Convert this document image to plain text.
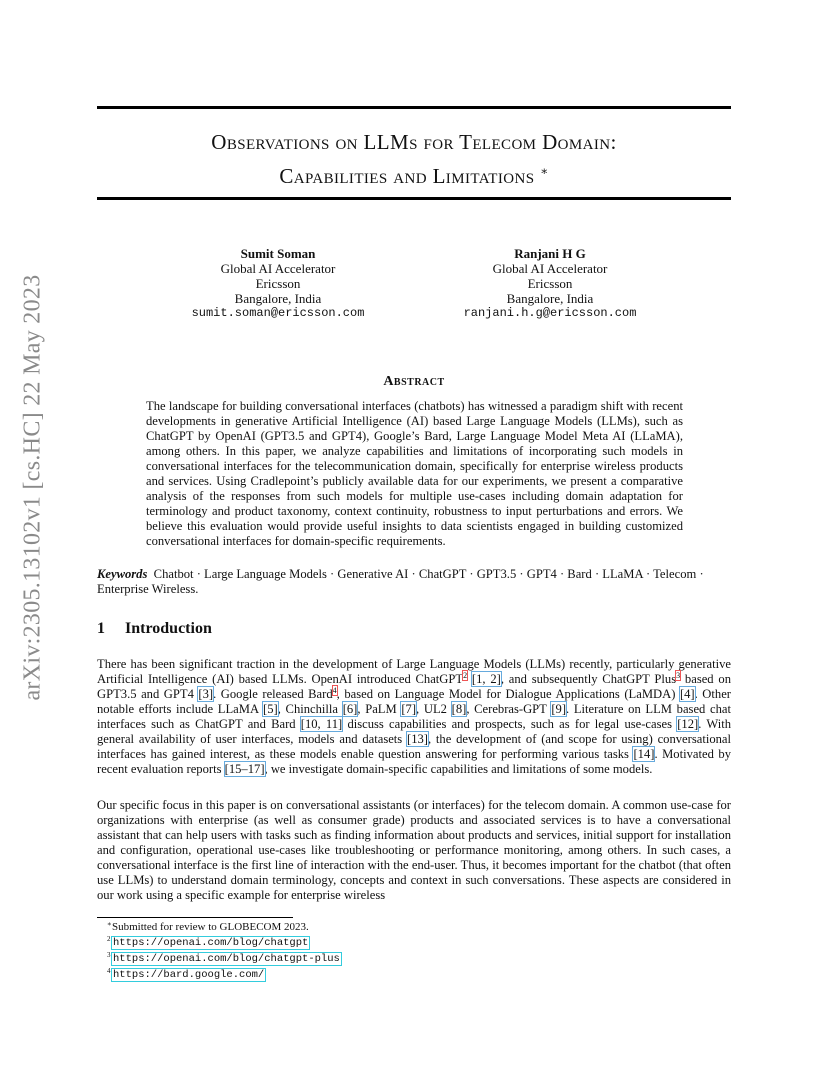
arXiv:2305.13102v1 [cs.HC] 22 May 2023
Observations on LLMs for Telecom Domain:
Capabilities and Limitations ∗
Sumit Soman
Global AI Accelerator
Ericsson
Bangalore, India
sumit.soman@ericsson.com
Ranjani H G
Global AI Accelerator
Ericsson
Bangalore, India
ranjani.h.g@ericsson.com
Abstract
The landscape for building conversational interfaces (chatbots) has witnessed a paradigm shift with recent developments in generative Artificial Intelligence (AI) based Large Language Models (LLMs), such as ChatGPT by OpenAI (GPT3.5 and GPT4), Google’s Bard, Large Language Model Meta AI (LLaMA), among others. In this paper, we analyze capabilities and limitations of incorporating such models in conversational interfaces for the telecommunication domain, specifically for enterprise wireless products and services. Using Cradlepoint’s publicly available data for our experiments, we present a comparative analysis of the responses from such models for multiple use-cases including domain adaptation for terminology and product taxonomy, context continuity, robustness to input perturbations and errors. We believe this evaluation would provide useful insights to data scientists engaged in building customized conversational interfaces for domain-specific requirements.
Keywords Chatbot · Large Language Models · Generative AI · ChatGPT · GPT3.5 · GPT4 · Bard · LLaMA · Telecom · Enterprise Wireless.
1 Introduction
There has been significant traction in the development of Large Language Models (LLMs) recently, particularly generative Artificial Intelligence (AI) based LLMs. OpenAI introduced ChatGPT$^2$ [1, 2], and subsequently ChatGPT Plus$^3$ based on GPT3.5 and GPT4 [3]. Google released Bard$^4$, based on Language Model for Dialogue Applications (LaMDA) [4]. Other notable efforts include LLaMA [5], Chinchilla [6], PaLM [7], UL2 [8], Cerebras-GPT [9]. Literature on LLM based chat interfaces such as ChatGPT and Bard [10, 11] discuss capabilities and prospects, such as for legal use-cases [12]. With general availability of user interfaces, models and datasets [13], the development of (and scope for using) conversational interfaces has gained interest, as these models enable question answering for performing various tasks [14]. Motivated by recent evaluation reports [15–17], we investigate domain-specific capabilities and limitations of some models.
Our specific focus in this paper is on conversational assistants (or interfaces) for the telecom domain. A common use-case for organizations with enterprise (as well as consumer grade) products and associated services is to have a conversational assistant that can help users with tasks such as finding information about products and services, initial support for installation and configuration, operational use-cases like troubleshooting or performance monitoring, among others. In such cases, a conversational interface is the first line of interaction with the end-user. Thus, it becomes important for the chatbot (that often use LLMs) to understand domain terminology, concepts and context in such conversations. These aspects are considered in our work using a specific example for enterprise wireless
∗ Submitted for review to GLOBECOM 2023.
2 https://openai.com/blog/chatgpt
3 https://openai.com/blog/chatgpt-plus
4 https://bard.google.com/
